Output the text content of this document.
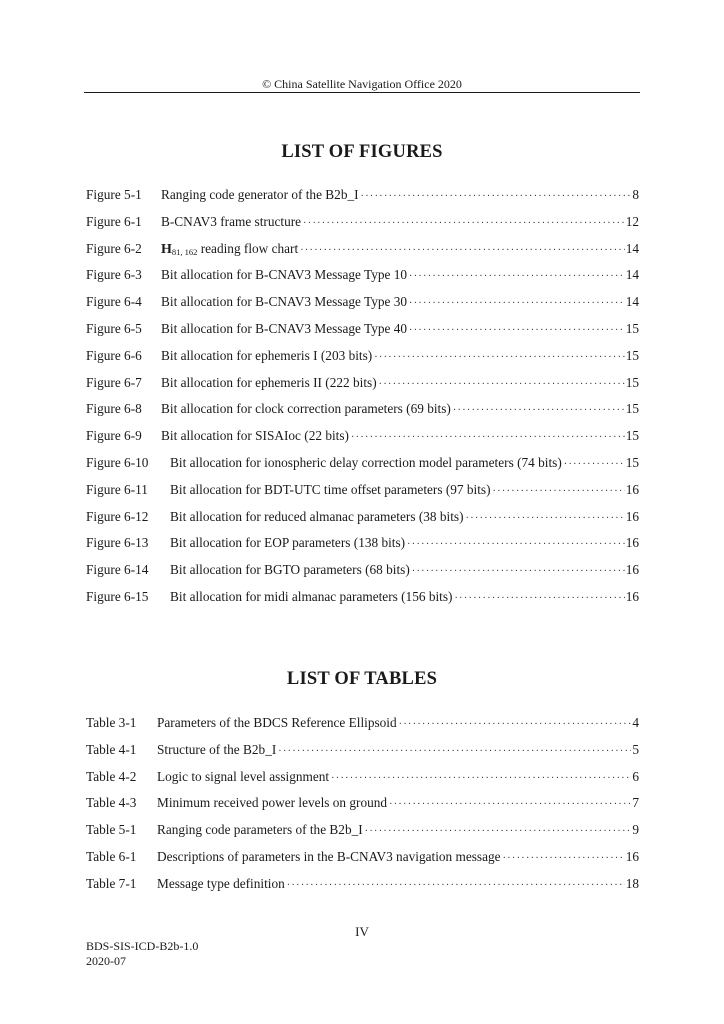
© China Satellite Navigation Office 2020
LIST OF FIGURES
Figure 5-1	Ranging code generator of the B2b_I ·····	8
Figure 6-1	B-CNAV3 frame structure ·····	12
Figure 6-2	H81, 162 reading flow chart ·····	14
Figure 6-3	Bit allocation for B-CNAV3 Message Type 10 ·····	14
Figure 6-4	Bit allocation for B-CNAV3 Message Type 30 ·····	14
Figure 6-5	Bit allocation for B-CNAV3 Message Type 40 ·····	15
Figure 6-6	Bit allocation for ephemeris I (203 bits) ·····	15
Figure 6-7	Bit allocation for ephemeris II (222 bits) ·····	15
Figure 6-8	Bit allocation for clock correction parameters (69 bits) ·····	15
Figure 6-9	Bit allocation for SISAIoc (22 bits) ·····	15
Figure 6-10	Bit allocation for ionospheric delay correction model parameters (74 bits) ·····	15
Figure 6-11	Bit allocation for BDT-UTC time offset parameters (97 bits) ·····	16
Figure 6-12	Bit allocation for reduced almanac parameters (38 bits) ·····	16
Figure 6-13	Bit allocation for EOP parameters (138 bits) ·····	16
Figure 6-14	Bit allocation for BGTO parameters (68 bits) ·····	16
Figure 6-15	Bit allocation for midi almanac parameters (156 bits) ·····	16
LIST OF TABLES
Table 3-1	Parameters of the BDCS Reference Ellipsoid ·····	4
Table 4-1	Structure of the B2b_I ·····	5
Table 4-2	Logic to signal level assignment ·····	6
Table 4-3	Minimum received power levels on ground ·····	7
Table 5-1	Ranging code parameters of the B2b_I ·····	9
Table 6-1	Descriptions of parameters in the B-CNAV3 navigation message ·····	16
Table 7-1	Message type definition ·····	18
IV
BDS-SIS-ICD-B2b-1.0
2020-07
